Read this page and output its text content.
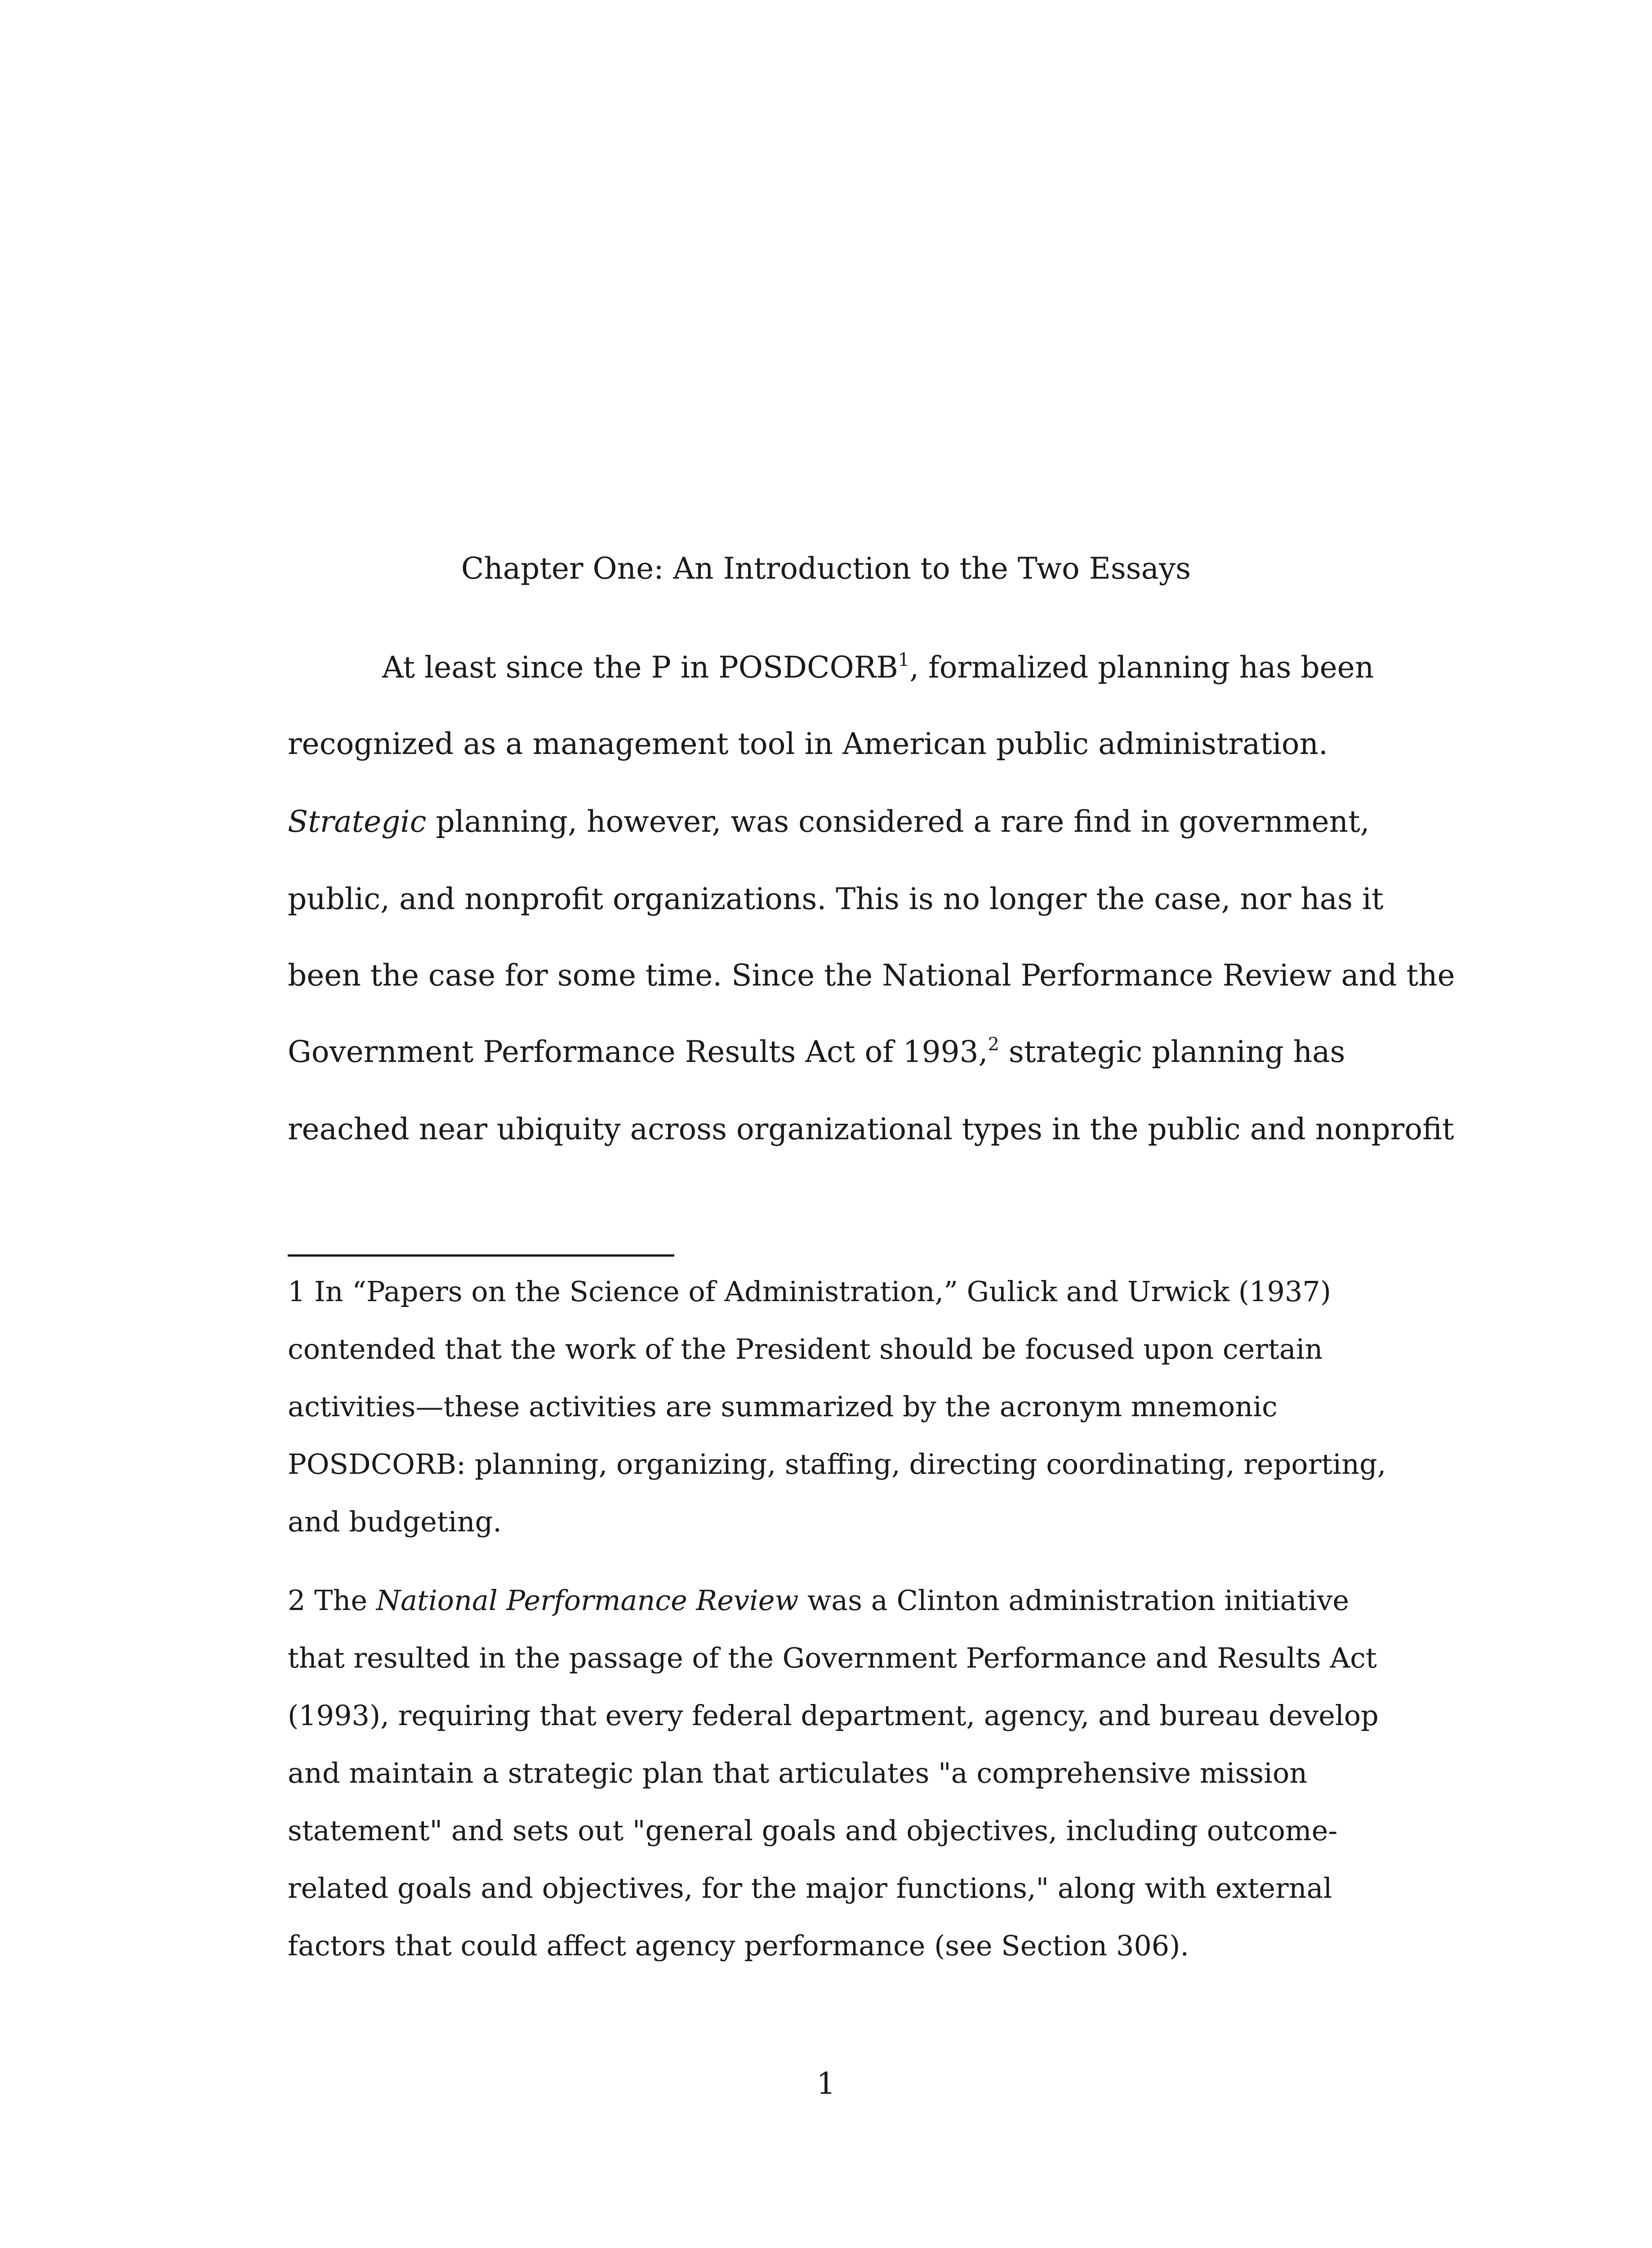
Chapter One: An Introduction to the Two Essays
At least since the P in POSDCORB$^1$, formalized planning has been
recognized as a management tool in American public administration.
Strategic planning, however, was considered a rare find in government,
public, and nonprofit organizations. This is no longer the case, nor has it
been the case for some time. Since the National Performance Review and the
Government Performance Results Act of 1993,$^2$ strategic planning has
reached near ubiquity across organizational types in the public and nonprofit
1 In “Papers on the Science of Administration,” Gulick and Urwick (1937)
contended that the work of the President should be focused upon certain
activities—these activities are summarized by the acronym mnemonic
POSDCORB: planning, organizing, staffing, directing coordinating, reporting,
and budgeting.
2 The National Performance Review was a Clinton administration initiative
that resulted in the passage of the Government Performance and Results Act
(1993), requiring that every federal department, agency, and bureau develop
and maintain a strategic plan that articulates "a comprehensive mission
statement" and sets out "general goals and objectives, including outcome-
related goals and objectives, for the major functions," along with external
factors that could affect agency performance (see Section 306).
1
